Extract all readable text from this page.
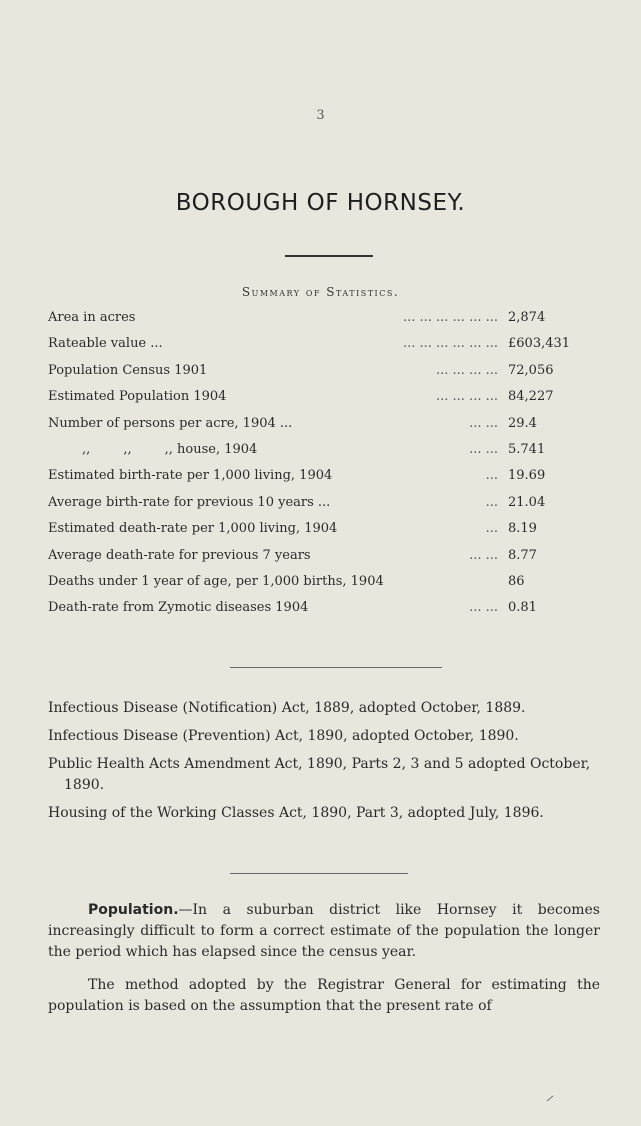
3
BOROUGH OF HORNSEY.
Summary of Statistics.
Area in acres	... ... ... ... ... ... 2,874
Rateable value ...	... ... ... ... ... ... £603,431
Population Census 1901	... ... ... ... 72,056
Estimated Population 1904	... ... ... ... 84,227
Number of persons per acre, 1904 ...	... ... 29.4
,,        ,,        ,, house, 1904	... ... 5.741
Estimated birth-rate per 1,000 living, 1904	... 19.69
Average birth-rate for previous 10 years ...	... 21.04
Estimated death-rate per 1,000 living, 1904	... 8.19
Average death-rate for previous 7 years	... ... 8.77
Deaths under 1 year of age, per 1,000 births, 1904	86
Death-rate from Zymotic diseases 1904	... ... 0.81
Infectious Disease (Notification) Act, 1889, adopted October, 1889.
Infectious Disease (Prevention) Act, 1890, adopted October, 1890.
Public Health Acts Amendment Act, 1890, Parts 2, 3 and 5 adopted October, 1890.
Housing of the Working Classes Act, 1890, Part 3, adopted July, 1896.

Population.—In a suburban district like Hornsey it becomes increasingly difficult to form a correct estimate of the population the longer the period which has elapsed since the census year.

The method adopted by the Registrar General for estimating the population is based on the assumption that the present rate of
